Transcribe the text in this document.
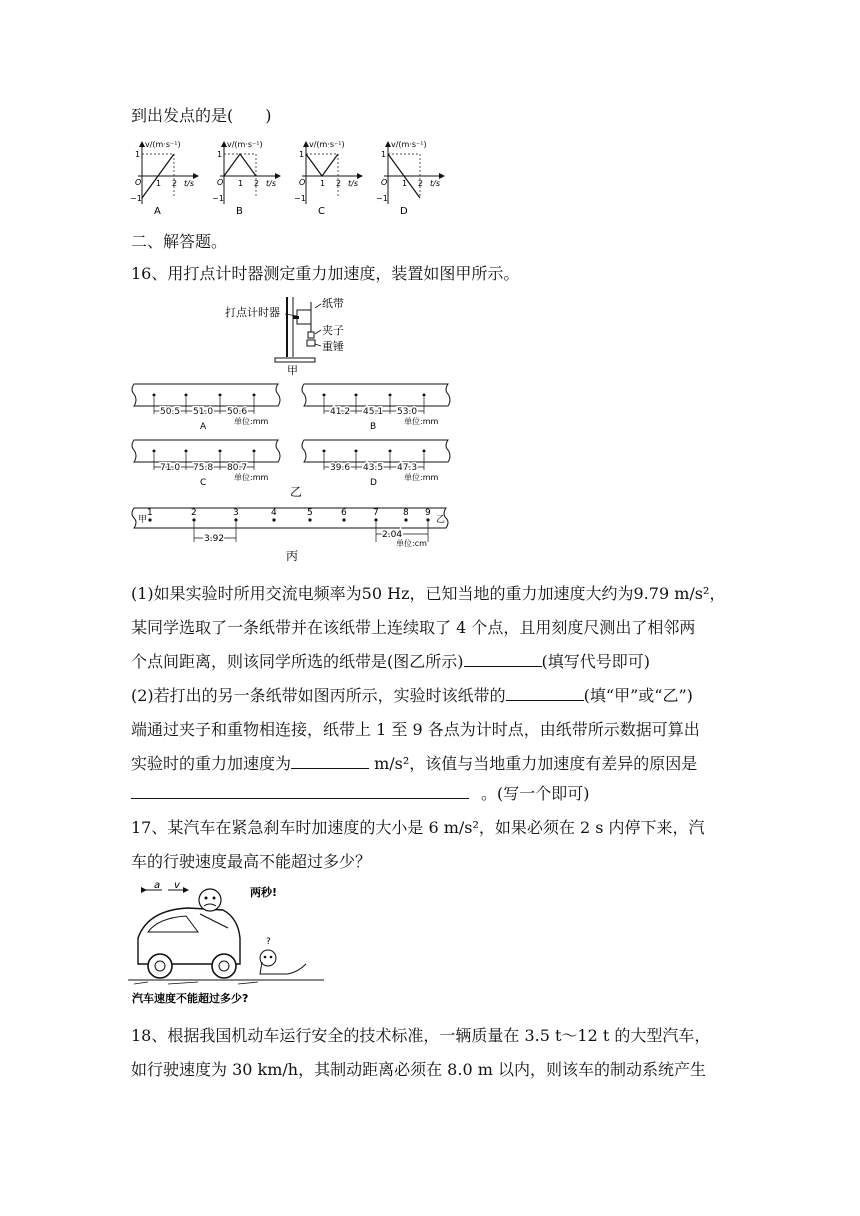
到出发点的是(　　)
v/(m·s⁻¹)
t/s
O
1
−1
1 2
A
v/(m·s⁻¹)
t/s
O
1
−1
1 2
B
v/(m·s⁻¹)
t/s
O
1
−1
1 2
C
v/(m·s⁻¹)
t/s
O
1
−1
1 2
D
二、解答题。
16、用打点计时器测定重力加速度，装置如图甲所示。
打点计时器
纸带
夹子
重锤
甲
50.5 51.0 50.6
A
单位:mm
41.2 45.1 53.0
B
单位:mm
71.0 75.8 80.7
C
单位:mm
39.6 43.5 47.3
D
单位:mm
乙
甲	乙
1	2	3	4	5	6	7	8 9
3.92	2.04
单位:cm
丙
(1)如果实验时所用交流电频率为50 Hz，已知当地的重力加速度大约为9.79 m/s²，
某同学选取了一条纸带并在该纸带上连续取了 4 个点，且用刻度尺测出了相邻两
个点间距离，则该同学所选的纸带是(图乙所示)	(填写代号即可)
(2)若打出的另一条纸带如图丙所示，实验时该纸带的	(填“甲”或“乙”)
端通过夹子和重物相连接，纸带上 1 至 9 各点为计时点，由纸带所示数据可算出
实验时的重力加速度为	m/s²，该值与当地重力加速度有差异的原因是
。(写一个即可)
17、某汽车在紧急刹车时加速度的大小是 6 m/s²，如果必须在 2 s 内停下来，汽
车的行驶速度最高不能超过多少？
a v
两秒!
?
汽车速度不能超过多少?
18、根据我国机动车运行安全的技术标准，一辆质量在 3.5 t～12 t 的大型汽车，
如行驶速度为 30 km/h，其制动距离必须在 8.0 m 以内，则该车的制动系统产生
